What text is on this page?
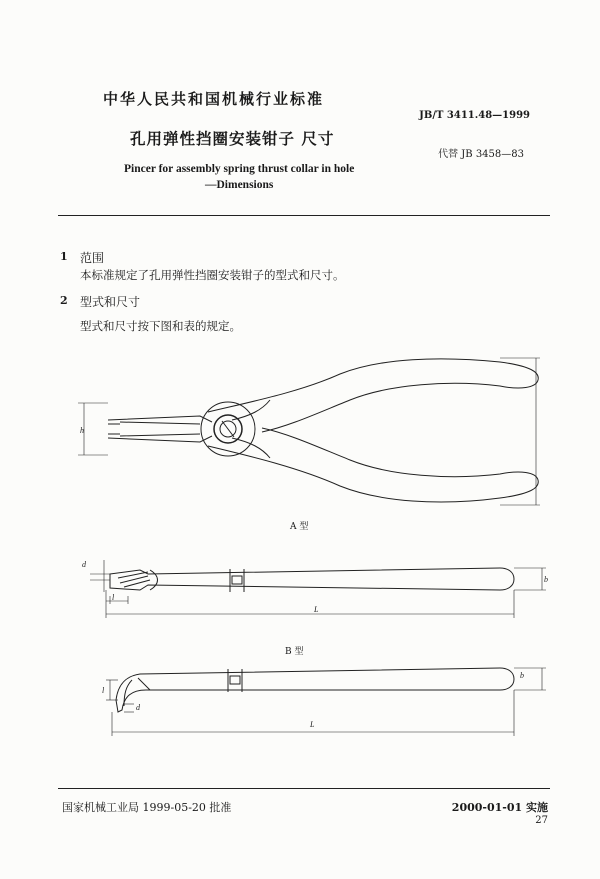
中华人民共和国机械行业标准
JB/T 3411.48—1999
孔用弹性挡圈安装钳子 尺寸
代替 JB 3458—83
Pincer for assembly spring thrust collar in hole
—Dimensions
1 范围
本标准规定了孔用弹性挡圈安装钳子的型式和尺寸。
2 型式和尺寸
型式和尺寸按下图和表的规定。
h
d
b
l
L
l
d
b
L
A 型
B 型
国家机械工业局 1999-05-20 批准	2000-01-01 实施
27
